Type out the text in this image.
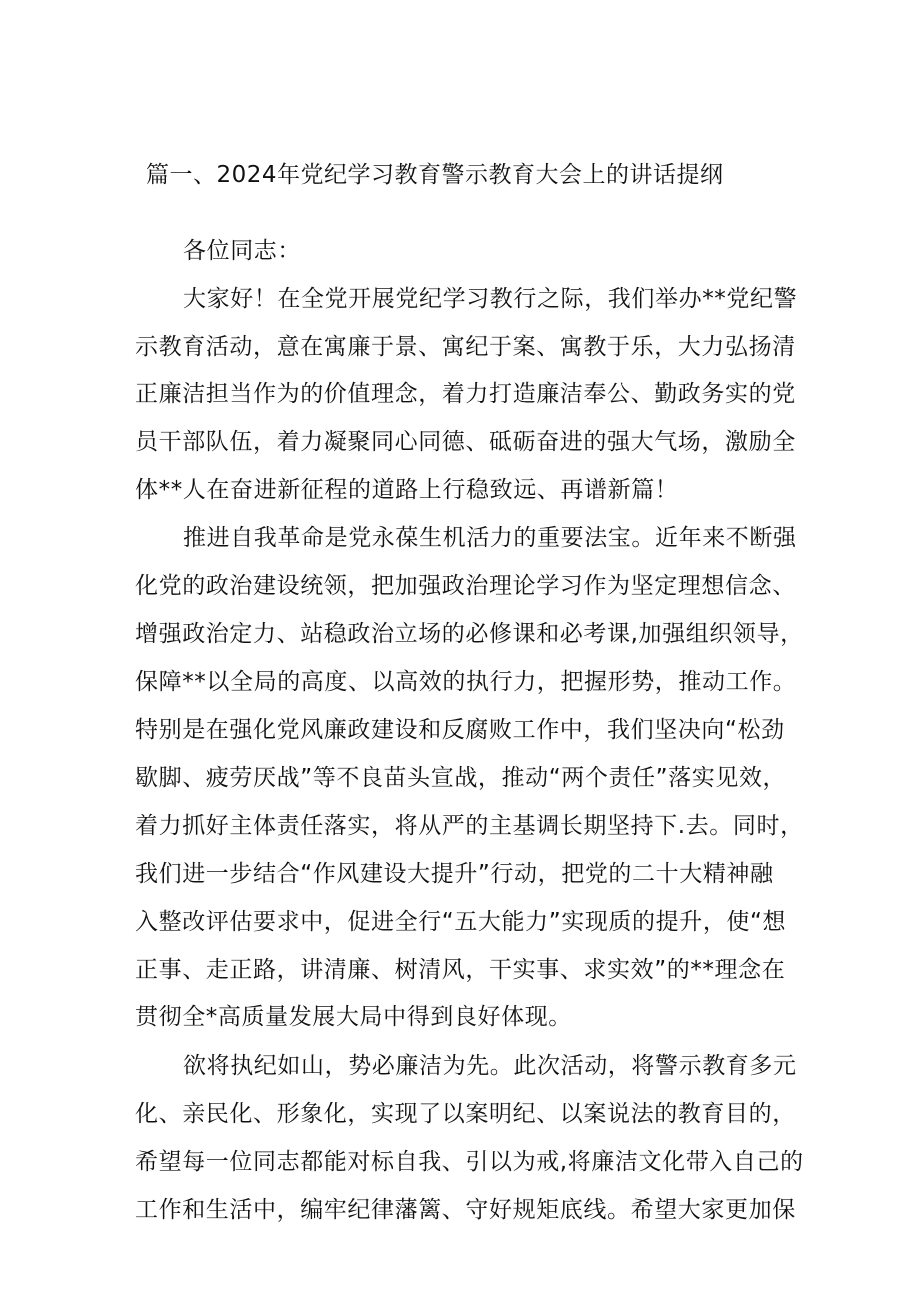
篇一、2024年党纪学习教育警示教育大会上的讲话提纲
各位同志：
大家好！在全党开展党纪学习教行之际，我们举办**党纪警
示教育活动，意在寓廉于景、寓纪于案、寓教于乐，大力弘扬清
正廉洁担当作为的价值理念，着力打造廉洁奉公、勤政务实的党
员干部队伍，着力凝聚同心同德、砥砺奋进的强大气场，激励全
体**人在奋进新征程的道路上行稳致远、再谱新篇！
推进自我革命是党永葆生机活力的重要法宝。近年来不断强
化党的政治建设统领，把加强政治理论学习作为坚定理想信念、
增强政治定力、站稳政治立场的必修课和必考课,加强组织领导，
保障**以全局的高度、以高效的执行力，把握形势，推动工作。
特别是在强化党风廉政建设和反腐败工作中，我们坚决向“松劲
歇脚、疲劳厌战”等不良苗头宣战，推动“两个责任”落实见效，
着力抓好主体责任落实，将从严的主基调长期坚持下.去。同时，
我们进一步结合“作风建设大提升”行动，把党的二十大精神融
入整改评估要求中，促进全行“五大能力”实现质的提升，使“想
正事、走正路，讲清廉、树清风，干实事、求实效”的**理念在
贯彻全*高质量发展大局中得到良好体现。
欲将执纪如山，势必廉洁为先。此次活动，将警示教育多元
化、亲民化、形象化，实现了以案明纪、以案说法的教育目的，
希望每一位同志都能对标自我、引以为戒,将廉洁文化带入自己的
工作和生活中，编牢纪律藩篱、守好规矩底线。希望大家更加保
